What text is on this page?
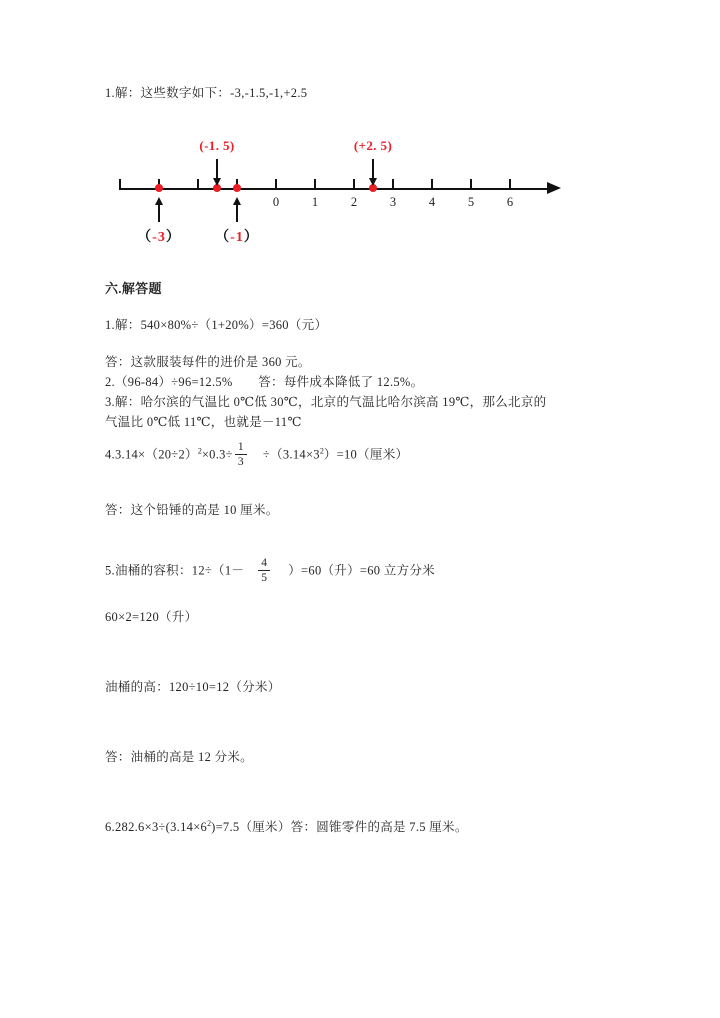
1.解：这些数字如下：-3,-1.5,-1,+2.5
0	1	2	3	4	5	6
(-1. 5)	(+2. 5)
（-3） （-1）
六.解答题
1.解：540×80%÷（1+20%）=360（元）
答：这款服装每件的进价是 360 元。
2.（96-84）÷96=12.5%　　答：每件成本降低了 12.5%。
3.解：哈尔滨的气温比 0℃低 30℃，北京的气温比哈尔滨高 19℃，那么北京的
气温比 0℃低 11℃，也就是－11℃
$4.3.14\times(20\div 2)^2\times 0.3\div \frac{1}{3} \div(3.14\times 3^2)=10$（厘米）
答：这个铅锤的高是 10 厘米。
5.油桶的容积：$12\div(1- \frac{4}{5} )=60$（升）=60 立方分米
60×2=120（升）
油桶的高：120÷10=12（分米）
答：油桶的高是 12 分米。
$6.282.6\times 3\div(3.14\times 6^2)=7.5$（厘米）答：圆锥零件的高是 7.5 厘米。
